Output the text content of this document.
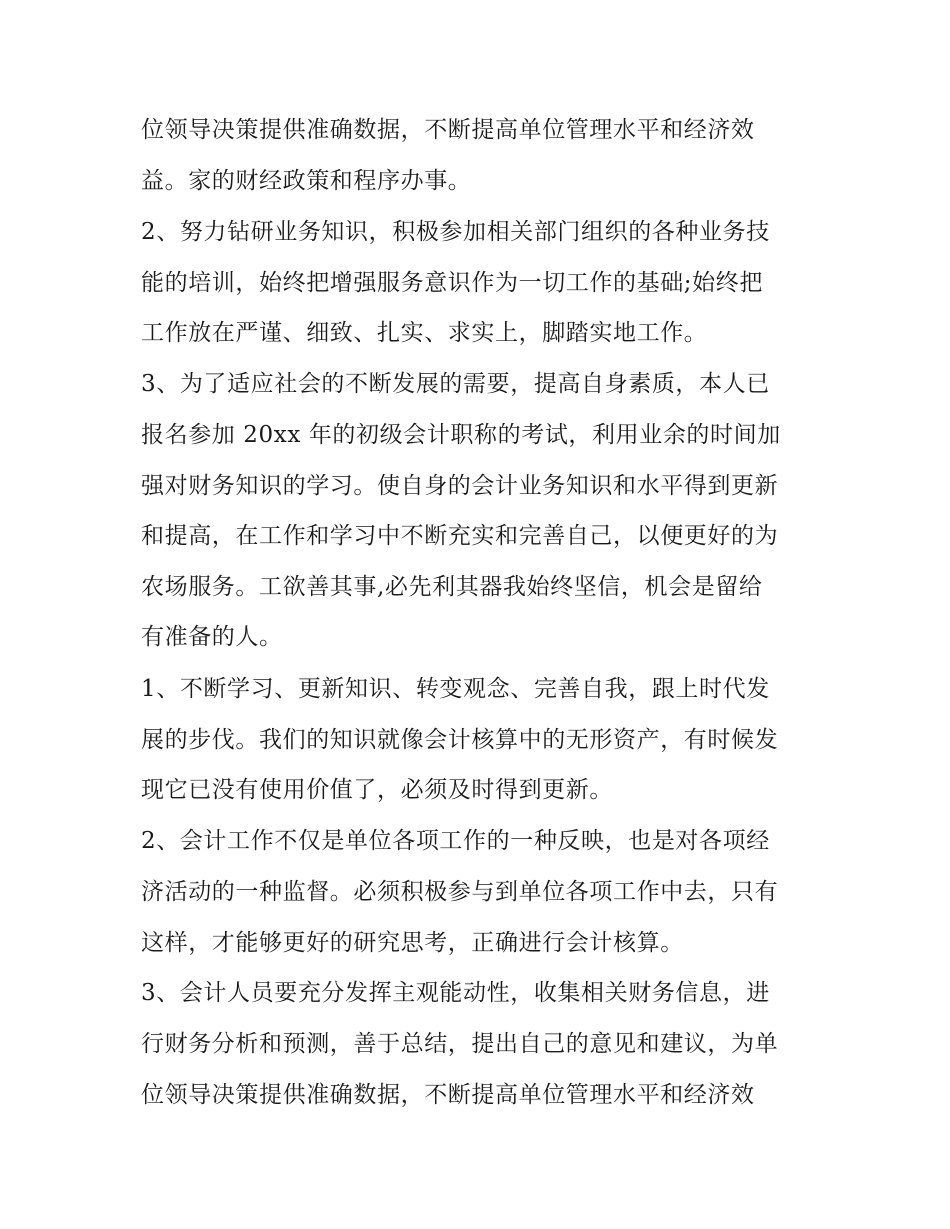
位领导决策提供准确数据，不断提高单位管理水平和经济效
益。家的财经政策和程序办事。
2、努力钻研业务知识，积极参加相关部门组织的各种业务技
能的培训，始终把增强服务意识作为一切工作的基础;始终把
工作放在严谨、细致、扎实、求实上，脚踏实地工作。
3、为了适应社会的不断发展的需要，提高自身素质，本人已
报名参加 20xx 年的初级会计职称的考试，利用业余的时间加
强对财务知识的学习。使自身的会计业务知识和水平得到更新
和提高，在工作和学习中不断充实和完善自己，以便更好的为
农场服务。工欲善其事,必先利其器我始终坚信，机会是留给
有准备的人。
1、不断学习、更新知识、转变观念、完善自我，跟上时代发
展的步伐。我们的知识就像会计核算中的无形资产，有时候发
现它已没有使用价值了，必须及时得到更新。
2、会计工作不仅是单位各项工作的一种反映，也是对各项经
济活动的一种监督。必须积极参与到单位各项工作中去，只有
这样，才能够更好的研究思考，正确进行会计核算。
3、会计人员要充分发挥主观能动性，收集相关财务信息，进
行财务分析和预测，善于总结，提出自己的意见和建议，为单
位领导决策提供准确数据，不断提高单位管理水平和经济效
